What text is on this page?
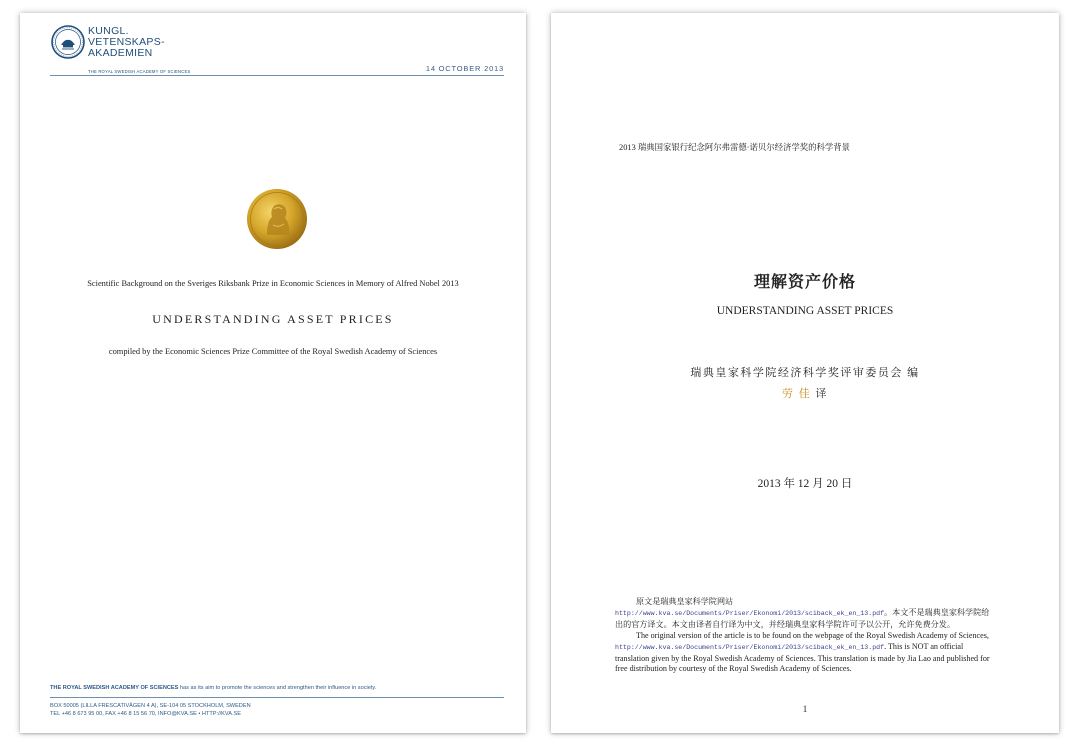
KUNGL.
VETENSKAPS-
AKADEMIEN
THE ROYAL SWEDISH ACADEMY OF SCIENCES	14 OCTOBER 2013
Scientific Background on the Sveriges Riksbank Prize in Economic Sciences in Memory of Alfred Nobel 2013
UNDERSTANDING ASSET PRICES
compiled by the Economic Sciences Prize Committee of the Royal Swedish Academy of Sciences
THE ROYAL SWEDISH ACADEMY OF SCIENCES has as its aim to promote the sciences and strengthen their influence in society.
BOX 50005 (LILLA FRESCATIVÄGEN 4 A), SE-104 05 STOCKHOLM, SWEDEN
TEL +46 8 673 95 00, FAX +46 8 15 56 70, INFO@KVA.SE • HTTP://KVA.SE
2013 瑞典国家银行纪念阿尔弗雷德·诺贝尔经济学奖的科学背景
理解资产价格
UNDERSTANDING ASSET PRICES
瑞典皇家科学院经济科学奖评审委员会 编
劳 佳 译
2013 年 12 月 20 日

原文是瑞典皇家科学院网站 http://www.kva.se/Documents/Priser/Ekonomi/2013/sciback_ek_en_13.pdf。本文不是瑞典皇家科学院给出的官方译文。本文由译者自行译为中文，并经瑞典皇家科学院许可予以公开，允许免费分发。

The original version of the article is to be found on the webpage of the Royal Swedish Academy of Sciences, http://www.kva.se/Documents/Priser/Ekonomi/2013/sciback_ek_en_13.pdf. This is NOT an official translation given by the Royal Swedish Academy of Sciences. This translation is made by Jia Lao and published for free distribution by courtesy of the Royal Swedish Academy of Sciences.

1
